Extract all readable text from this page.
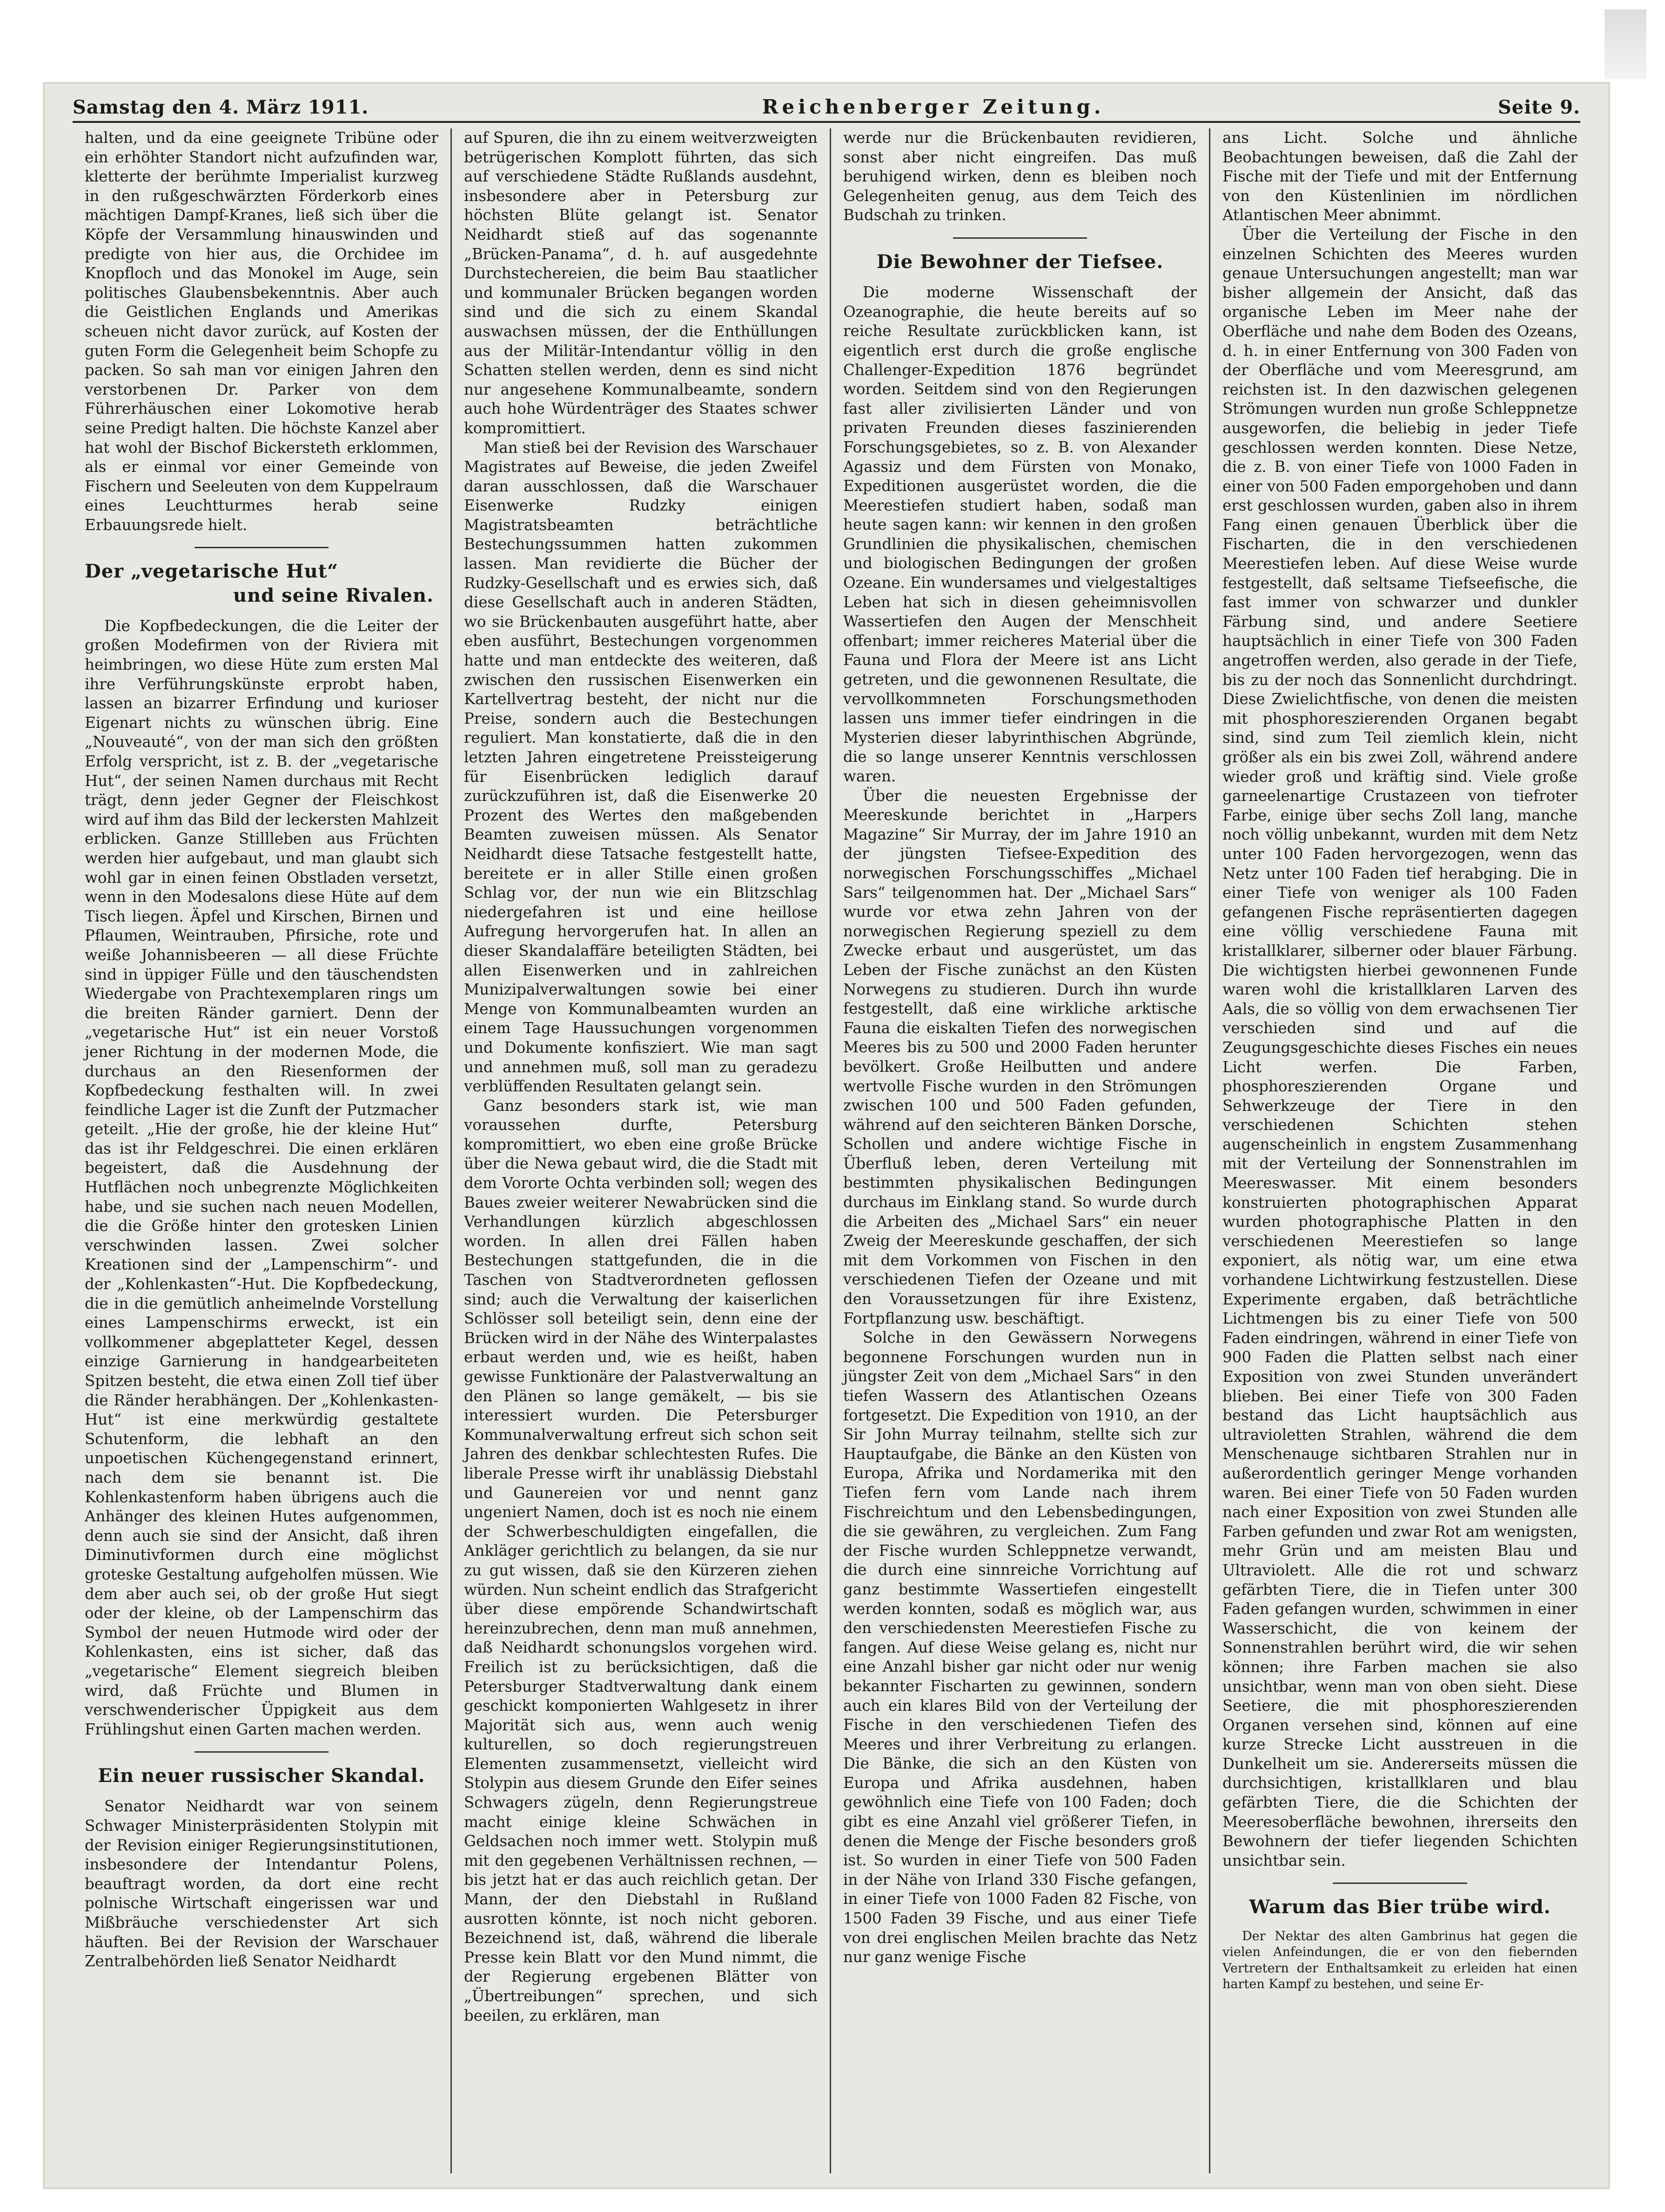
Samstag den 4. März 1911.	Reichenberger Zeitung.	Seite 9.

halten, und da eine geeignete Tribüne oder ein erhöhter Standort nicht aufzufinden war, kletterte der berühmte Imperialist kurzweg in den rußgeschwärzten Förderkorb eines mächtigen Dampf-Kranes, ließ sich über die Köpfe der Versammlung hinauswinden und predigte von hier aus, die Orchidee im Knopfloch und das Monokel im Auge, sein politisches Glaubensbekenntnis. Aber auch die Geistlichen Englands und Amerikas scheuen nicht davor zurück, auf Kosten der guten Form die Gelegenheit beim Schopfe zu packen. So sah man vor einigen Jahren den verstorbenen Dr. Parker von dem Führerhäuschen einer Lokomotive herab seine Predigt halten. Die höchste Kanzel aber hat wohl der Bischof Bickersteth erklommen, als er einmal vor einer Gemeinde von Fischern und Seeleuten von dem Kuppelraum eines Leuchtturmes herab seine Erbauungsrede hielt.

Der „vegetarische Hut“
und seine Rivalen.

Die Kopfbedeckungen, die die Leiter der großen Modefirmen von der Riviera mit heimbringen, wo diese Hüte zum ersten Mal ihre Verführungskünste erprobt haben, lassen an bizarrer Erfindung und kurioser Eigenart nichts zu wünschen übrig. Eine „Nouveauté“, von der man sich den größten Erfolg verspricht, ist z. B. der „vegetarische Hut“, der seinen Namen durchaus mit Recht trägt, denn jeder Gegner der Fleischkost wird auf ihm das Bild der leckersten Mahlzeit erblicken. Ganze Stillleben aus Früchten werden hier aufgebaut, und man glaubt sich wohl gar in einen feinen Obstladen versetzt, wenn in den Modesalons diese Hüte auf dem Tisch liegen. Äpfel und Kirschen, Birnen und Pflaumen, Weintrauben, Pfirsiche, rote und weiße Johannisbeeren — all diese Früchte sind in üppiger Fülle und den täuschendsten Wiedergabe von Prachtexemplaren rings um die breiten Ränder garniert. Denn der „vegetarische Hut“ ist ein neuer Vorstoß jener Richtung in der modernen Mode, die durchaus an den Riesenformen der Kopfbedeckung festhalten will. In zwei feindliche Lager ist die Zunft der Putzmacher geteilt. „Hie der große, hie der kleine Hut“ das ist ihr Feldgeschrei. Die einen erklären begeistert, daß die Ausdehnung der Hutflächen noch unbegrenzte Möglichkeiten habe, und sie suchen nach neuen Modellen, die die Größe hinter den grotesken Linien verschwinden lassen. Zwei solcher Kreationen sind der „Lampenschirm“- und der „Kohlenkasten“-Hut. Die Kopfbedeckung, die in die gemütlich anheimelnde Vorstellung eines Lampenschirms erweckt, ist ein vollkommener abgeplatteter Kegel, dessen einzige Garnierung in handgearbeiteten Spitzen besteht, die etwa einen Zoll tief über die Ränder herabhängen. Der „Kohlenkasten-Hut“ ist eine merkwürdig gestaltete Schutenform, die lebhaft an den unpoetischen Küchengegenstand erinnert, nach dem sie benannt ist. Die Kohlenkastenform haben übrigens auch die Anhänger des kleinen Hutes aufgenommen, denn auch sie sind der Ansicht, daß ihren Diminutivformen durch eine möglichst groteske Gestaltung aufgeholfen müssen. Wie dem aber auch sei, ob der große Hut siegt oder der kleine, ob der Lampenschirm das Symbol der neuen Hutmode wird oder der Kohlenkasten, eins ist sicher, daß das „vegetarische“ Element siegreich bleiben wird, daß Früchte und Blumen in verschwenderischer Üppigkeit aus dem Frühlingshut einen Garten machen werden.

Ein neuer russischer Skandal.

Senator Neidhardt war von seinem Schwager Ministerpräsidenten Stolypin mit der Revision einiger Regierungsinstitutionen, insbesondere der Intendantur Polens, beauftragt worden, da dort eine recht polnische Wirtschaft eingerissen war und Mißbräuche verschiedenster Art sich häuften. Bei der Revision der Warschauer Zentralbehörden ließ Senator Neidhardt

auf Spuren, die ihn zu einem weitverzweigten betrügerischen Komplott führten, das sich auf verschiedene Städte Rußlands ausdehnt, insbesondere aber in Petersburg zur höchsten Blüte gelangt ist. Senator Neidhardt stieß auf das sogenannte „Brücken-Panama“, d. h. auf ausgedehnte Durchstechereien, die beim Bau staatlicher und kommunaler Brücken begangen worden sind und die sich zu einem Skandal auswachsen müssen, der die Enthüllungen aus der Militär-Intendantur völlig in den Schatten stellen werden, denn es sind nicht nur angesehene Kommunalbeamte, sondern auch hohe Würdenträger des Staates schwer kompromittiert.

Man stieß bei der Revision des Warschauer Magistrates auf Beweise, die jeden Zweifel daran ausschlossen, daß die Warschauer Eisenwerke Rudzky einigen Magistratsbeamten beträchtliche Bestechungssummen hatten zukommen lassen. Man revidierte die Bücher der Rudzky-Gesellschaft und es erwies sich, daß diese Gesellschaft auch in anderen Städten, wo sie Brückenbauten ausgeführt hatte, aber eben ausführt, Bestechungen vorgenommen hatte und man entdeckte des weiteren, daß zwischen den russischen Eisenwerken ein Kartellvertrag besteht, der nicht nur die Preise, sondern auch die Bestechungen reguliert. Man konstatierte, daß die in den letzten Jahren eingetretene Preissteigerung für Eisenbrücken lediglich darauf zurückzuführen ist, daß die Eisenwerke 20 Prozent des Wertes den maßgebenden Beamten zuweisen müssen. Als Senator Neidhardt diese Tatsache festgestellt hatte, bereitete er in aller Stille einen großen Schlag vor, der nun wie ein Blitzschlag niedergefahren ist und eine heillose Aufregung hervorgerufen hat. In allen an dieser Skandalaffäre beteiligten Städten, bei allen Eisenwerken und in zahlreichen Munizipalverwaltungen sowie bei einer Menge von Kommunalbeamten wurden an einem Tage Haussuchungen vorgenommen und Dokumente konfisziert. Wie man sagt und annehmen muß, soll man zu geradezu verblüffenden Resultaten gelangt sein.

Ganz besonders stark ist, wie man voraussehen durfte, Petersburg kompromittiert, wo eben eine große Brücke über die Newa gebaut wird, die die Stadt mit dem Vororte Ochta verbinden soll; wegen des Baues zweier weiterer Newabrücken sind die Verhandlungen kürzlich abgeschlossen worden. In allen drei Fällen haben Bestechungen stattgefunden, die in die Taschen von Stadtverordneten geflossen sind; auch die Verwaltung der kaiserlichen Schlösser soll beteiligt sein, denn eine der Brücken wird in der Nähe des Winterpalastes erbaut werden und, wie es heißt, haben gewisse Funktionäre der Palastverwaltung an den Plänen so lange gemäkelt, — bis sie interessiert wurden. Die Petersburger Kommunalverwaltung erfreut sich schon seit Jahren des denkbar schlechtesten Rufes. Die liberale Presse wirft ihr unablässig Diebstahl und Gaunereien vor und nennt ganz ungeniert Namen, doch ist es noch nie einem der Schwerbeschuldigten eingefallen, die Ankläger gerichtlich zu belangen, da sie nur zu gut wissen, daß sie den Kürzeren ziehen würden. Nun scheint endlich das Strafgericht über diese empörende Schandwirtschaft hereinzubrechen, denn man muß annehmen, daß Neidhardt schonungslos vorgehen wird. Freilich ist zu berücksichtigen, daß die Petersburger Stadtverwaltung dank einem geschickt komponierten Wahlgesetz in ihrer Majorität sich aus, wenn auch wenig kulturellen, so doch regierungstreuen Elementen zusammensetzt, vielleicht wird Stolypin aus diesem Grunde den Eifer seines Schwagers zügeln, denn Regierungstreue macht einige kleine Schwächen in Geldsachen noch immer wett. Stolypin muß mit den gegebenen Verhältnissen rechnen, — bis jetzt hat er das auch reichlich getan. Der Mann, der den Diebstahl in Rußland ausrotten könnte, ist noch nicht geboren. Bezeichnend ist, daß, während die liberale Presse kein Blatt vor den Mund nimmt, die der Regierung ergebenen Blätter von „Übertreibungen“ sprechen, und sich beeilen, zu erklären, man

werde nur die Brückenbauten revidieren, sonst aber nicht eingreifen. Das muß beruhigend wirken, denn es bleiben noch Gelegenheiten genug, aus dem Teich des Budschah zu trinken.

Die Bewohner der Tiefsee.

Die moderne Wissenschaft der Ozeanographie, die heute bereits auf so reiche Resultate zurückblicken kann, ist eigentlich erst durch die große englische Challenger-Expedition 1876 begründet worden. Seitdem sind von den Regierungen fast aller zivilisierten Länder und von privaten Freunden dieses faszinierenden Forschungsgebietes, so z. B. von Alexander Agassiz und dem Fürsten von Monako, Expeditionen ausgerüstet worden, die die Meerestiefen studiert haben, sodaß man heute sagen kann: wir kennen in den großen Grundlinien die physikalischen, chemischen und biologischen Bedingungen der großen Ozeane. Ein wundersames und vielgestaltiges Leben hat sich in diesen geheimnisvollen Wassertiefen den Augen der Menschheit offenbart; immer reicheres Material über die Fauna und Flora der Meere ist ans Licht getreten, und die gewonnenen Resultate, die vervollkommneten Forschungsmethoden lassen uns immer tiefer eindringen in die Mysterien dieser labyrinthischen Abgründe, die so lange unserer Kenntnis verschlossen waren.

Über die neuesten Ergebnisse der Meereskunde berichtet in „Harpers Magazine“ Sir Murray, der im Jahre 1910 an der jüngsten Tiefsee-Expedition des norwegischen Forschungsschiffes „Michael Sars“ teilgenommen hat. Der „Michael Sars“ wurde vor etwa zehn Jahren von der norwegischen Regierung speziell zu dem Zwecke erbaut und ausgerüstet, um das Leben der Fische zunächst an den Küsten Norwegens zu studieren. Durch ihn wurde festgestellt, daß eine wirkliche arktische Fauna die eiskalten Tiefen des norwegischen Meeres bis zu 500 und 2000 Faden herunter bevölkert. Große Heilbutten und andere wertvolle Fische wurden in den Strömungen zwischen 100 und 500 Faden gefunden, während auf den seichteren Bänken Dorsche, Schollen und andere wichtige Fische in Überfluß leben, deren Verteilung mit bestimmten physikalischen Bedingungen durchaus im Einklang stand. So wurde durch die Arbeiten des „Michael Sars“ ein neuer Zweig der Meereskunde geschaffen, der sich mit dem Vorkommen von Fischen in den verschiedenen Tiefen der Ozeane und mit den Voraussetzungen für ihre Existenz, Fortpflanzung usw. beschäftigt.

Solche in den Gewässern Norwegens begonnene Forschungen wurden nun in jüngster Zeit von dem „Michael Sars“ in den tiefen Wassern des Atlantischen Ozeans fortgesetzt. Die Expedition von 1910, an der Sir John Murray teilnahm, stellte sich zur Hauptaufgabe, die Bänke an den Küsten von Europa, Afrika und Nordamerika mit den Tiefen fern vom Lande nach ihrem Fischreichtum und den Lebensbedingungen, die sie gewähren, zu vergleichen. Zum Fang der Fische wurden Schleppnetze verwandt, die durch eine sinnreiche Vorrichtung auf ganz bestimmte Wassertiefen eingestellt werden konnten, sodaß es möglich war, aus den verschiedensten Meerestiefen Fische zu fangen. Auf diese Weise gelang es, nicht nur eine Anzahl bisher gar nicht oder nur wenig bekannter Fischarten zu gewinnen, sondern auch ein klares Bild von der Verteilung der Fische in den verschiedenen Tiefen des Meeres und ihrer Verbreitung zu erlangen. Die Bänke, die sich an den Küsten von Europa und Afrika ausdehnen, haben gewöhnlich eine Tiefe von 100 Faden; doch gibt es eine Anzahl viel größerer Tiefen, in denen die Menge der Fische besonders groß ist. So wurden in einer Tiefe von 500 Faden in der Nähe von Irland 330 Fische gefangen, in einer Tiefe von 1000 Faden 82 Fische, von 1500 Faden 39 Fische, und aus einer Tiefe von drei englischen Meilen brachte das Netz nur ganz wenige Fische

ans Licht. Solche und ähnliche Beobachtungen beweisen, daß die Zahl der Fische mit der Tiefe und mit der Entfernung von den Küstenlinien im nördlichen Atlantischen Meer abnimmt.

Über die Verteilung der Fische in den einzelnen Schichten des Meeres wurden genaue Untersuchungen angestellt; man war bisher allgemein der Ansicht, daß das organische Leben im Meer nahe der Oberfläche und nahe dem Boden des Ozeans, d. h. in einer Entfernung von 300 Faden von der Oberfläche und vom Meeresgrund, am reichsten ist. In den dazwischen gelegenen Strömungen wurden nun große Schleppnetze ausgeworfen, die beliebig in jeder Tiefe geschlossen werden konnten. Diese Netze, die z. B. von einer Tiefe von 1000 Faden in einer von 500 Faden emporgehoben und dann erst geschlossen wurden, gaben also in ihrem Fang einen genauen Überblick über die Fischarten, die in den verschiedenen Meerestiefen leben. Auf diese Weise wurde festgestellt, daß seltsame Tiefseefische, die fast immer von schwarzer und dunkler Färbung sind, und andere Seetiere hauptsächlich in einer Tiefe von 300 Faden angetroffen werden, also gerade in der Tiefe, bis zu der noch das Sonnenlicht durchdringt. Diese Zwielichtfische, von denen die meisten mit phosphoreszierenden Organen begabt sind, sind zum Teil ziemlich klein, nicht größer als ein bis zwei Zoll, während andere wieder groß und kräftig sind. Viele große garneelenartige Crustazeen von tiefroter Farbe, einige über sechs Zoll lang, manche noch völlig unbekannt, wurden mit dem Netz unter 100 Faden hervorgezogen, wenn das Netz unter 100 Faden tief herabging. Die in einer Tiefe von weniger als 100 Faden gefangenen Fische repräsentierten dagegen eine völlig verschiedene Fauna mit kristallklarer, silberner oder blauer Färbung. Die wichtigsten hierbei gewonnenen Funde waren wohl die kristallklaren Larven des Aals, die so völlig von dem erwachsenen Tier verschieden sind und auf die Zeugungsgeschichte dieses Fisches ein neues Licht werfen. Die Farben, phosphoreszierenden Organe und Sehwerkzeuge der Tiere in den verschiedenen Schichten stehen augenscheinlich in engstem Zusammenhang mit der Verteilung der Sonnenstrahlen im Meereswasser. Mit einem besonders konstruierten photographischen Apparat wurden photographische Platten in den verschiedenen Meerestiefen so lange exponiert, als nötig war, um eine etwa vorhandene Lichtwirkung festzustellen. Diese Experimente ergaben, daß beträchtliche Lichtmengen bis zu einer Tiefe von 500 Faden eindringen, während in einer Tiefe von 900 Faden die Platten selbst nach einer Exposition von zwei Stunden unverändert blieben. Bei einer Tiefe von 300 Faden bestand das Licht hauptsächlich aus ultravioletten Strahlen, während die dem Menschenauge sichtbaren Strahlen nur in außerordentlich geringer Menge vorhanden waren. Bei einer Tiefe von 50 Faden wurden nach einer Exposition von zwei Stunden alle Farben gefunden und zwar Rot am wenigsten, mehr Grün und am meisten Blau und Ultraviolett. Alle die rot und schwarz gefärbten Tiere, die in Tiefen unter 300 Faden gefangen wurden, schwimmen in einer Wasserschicht, die von keinem der Sonnenstrahlen berührt wird, die wir sehen können; ihre Farben machen sie also unsichtbar, wenn man von oben sieht. Diese Seetiere, die mit phosphoreszierenden Organen versehen sind, können auf eine kurze Strecke Licht ausstreuen in die Dunkelheit um sie. Andererseits müssen die durchsichtigen, kristallklaren und blau gefärbten Tiere, die die Schichten der Meeresoberfläche bewohnen, ihrerseits den Bewohnern der tiefer liegenden Schichten unsichtbar sein.

Warum das Bier trübe wird.

Der Nektar des alten Gambrinus hat gegen die vielen Anfeindungen, die er von den fiebernden Vertretern der Enthaltsamkeit zu erleiden hat einen harten Kampf zu bestehen, und seine Er-
